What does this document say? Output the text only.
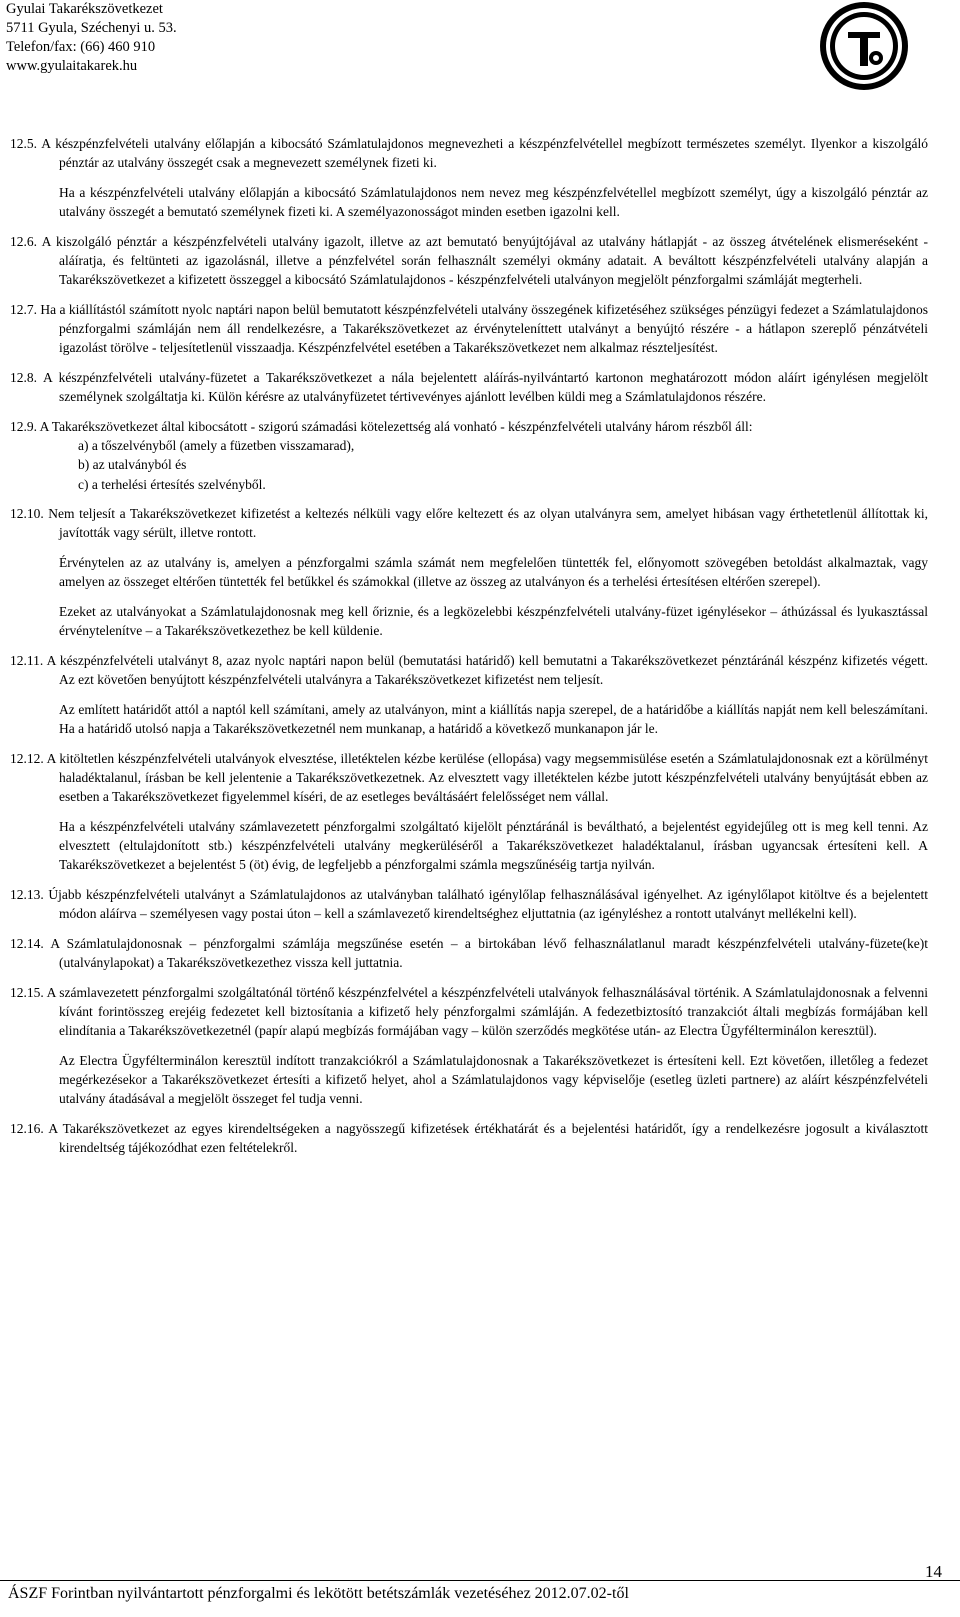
Gyulai Takarékszövetkezet
5711 Gyula, Széchenyi u. 53.
Telefon/fax: (66) 460 910
www.gyulaitakarek.hu

12.5. A készpénzfelvételi utalvány előlapján a kibocsátó Számlatulajdonos megnevezheti a készpénzfelvétellel megbízott természetes személyt. Ilyenkor a kiszolgáló pénztár az utalvány összegét csak a megnevezett személynek fizeti ki.

Ha a készpénzfelvételi utalvány előlapján a kibocsátó Számlatulajdonos nem nevez meg készpénzfelvétellel megbízott személyt, úgy a kiszolgáló pénztár az utalvány összegét a bemutató személynek fizeti ki. A személyazonosságot minden esetben igazolni kell.

12.6. A kiszolgáló pénztár a készpénzfelvételi utalvány igazolt, illetve az azt bemutató benyújtójával az utalvány hátlapját - az összeg átvételének elismeréseként - aláíratja, és feltünteti az igazolásnál, illetve a pénzfelvétel során felhasznált személyi okmány adatait. A beváltott készpénzfelvételi utalvány alapján a Takarékszövetkezet a kifizetett összeggel a kibocsátó Számlatulajdonos - készpénzfelvételi utalványon megjelölt pénzforgalmi számláját megterheli.

12.7. Ha a kiállítástól számított nyolc naptári napon belül bemutatott készpénzfelvételi utalvány összegének kifizetéséhez szükséges pénzügyi fedezet a Számlatulajdonos pénzforgalmi számláján nem áll rendelkezésre, a Takarékszövetkezet az érvényteleníttett utalványt a benyújtó részére - a hátlapon szereplő pénzátvételi igazolást törölve - teljesítetlenül visszaadja. Készpénzfelvétel esetében a Takarékszövetkezet nem alkalmaz részteljesítést.

12.8. A készpénzfelvételi utalvány-füzetet a Takarékszövetkezet a nála bejelentett aláírás-nyilvántartó kartonon meghatározott módon aláírt igénylésen megjelölt személynek szolgáltatja ki. Külön kérésre az utalványfüzetet tértivevényes ajánlott levélben küldi meg a Számlatulajdonos részére.

12.9. A Takarékszövetkezet által kibocsátott - szigorú számadási kötelezettség alá vonható - készpénzfelvételi utalvány három részből áll:

a) a tőszelvényből (amely a füzetben visszamarad),
b) az utalványból és
c) a terhelési értesítés szelvényből.

12.10. Nem teljesít a Takarékszövetkezet kifizetést a keltezés nélküli vagy előre keltezett és az olyan utalványra sem, amelyet hibásan vagy érthetetlenül állítottak ki, javították vagy sérült, illetve rontott.

Érvénytelen az az utalvány is, amelyen a pénzforgalmi számla számát nem megfelelően tüntették fel, előnyomott szövegében betoldást alkalmaztak, vagy amelyen az összeget eltérően tüntették fel betűkkel és számokkal (illetve az összeg az utalványon és a terhelési értesítésen eltérően szerepel).

Ezeket az utalványokat a Számlatulajdonosnak meg kell őriznie, és a legközelebbi készpénzfelvételi utalvány-füzet igénylésekor – áthúzással és lyukasztással érvénytelenítve – a Takarékszövetkezethez be kell küldenie.

12.11. A készpénzfelvételi utalványt 8, azaz nyolc naptári napon belül (bemutatási határidő) kell bemutatni a Takarékszövetkezet pénztáránál készpénz kifizetés végett. Az ezt követően benyújtott készpénzfelvételi utalványra a Takarékszövetkezet kifizetést nem teljesít.

Az említett határidőt attól a naptól kell számítani, amely az utalványon, mint a kiállítás napja szerepel, de a határidőbe a kiállítás napját nem kell beleszámítani. Ha a határidő utolsó napja a Takarékszövetkezetnél nem munkanap, a határidő a következő munkanapon jár le.

12.12. A kitöltetlen készpénzfelvételi utalványok elvesztése, illetéktelen kézbe kerülése (ellopása) vagy megsemmisülése esetén a Számlatulajdonosnak ezt a körülményt haladéktalanul, írásban be kell jelentenie a Takarékszövetkezetnek. Az elvesztett vagy illetéktelen kézbe jutott készpénzfelvételi utalvány benyújtását ebben az esetben a Takarékszövetkezet figyelemmel kíséri, de az esetleges beváltásáért felelősséget nem vállal.

Ha a készpénzfelvételi utalvány számlavezetett pénzforgalmi szolgáltató kijelölt pénztáránál is beváltható, a bejelentést egyidejűleg ott is meg kell tenni. Az elvesztett (eltulajdonított stb.) készpénzfelvételi utalvány megkerüléséről a Takarékszövetkezet haladéktalanul, írásban ugyancsak értesíteni kell. A Takarékszövetkezet a bejelentést 5 (öt) évig, de legfeljebb a pénzforgalmi számla megszűnéséig tartja nyilván.

12.13. Újabb készpénzfelvételi utalványt a Számlatulajdonos az utalványban található igénylőlap felhasználásával igényelhet. Az igénylőlapot kitöltve és a bejelentett módon aláírva – személyesen vagy postai úton – kell a számlavezető kirendeltséghez eljuttatnia (az igényléshez a rontott utalványt mellékelni kell).

12.14. A Számlatulajdonosnak – pénzforgalmi számlája megszűnése esetén – a birtokában lévő felhasználatlanul maradt készpénzfelvételi utalvány-füzete(ke)t (utalványlapokat) a Takarékszövetkezethez vissza kell juttatnia.

12.15. A számlavezetett pénzforgalmi szolgáltatónál történő készpénzfelvétel a készpénzfelvételi utalványok felhasználásával történik. A Számlatulajdonosnak a felvenni kívánt forintösszeg erejéig fedezetet kell biztosítania a kifizető hely pénzforgalmi számláján. A fedezetbiztosító tranzakciót általi megbízás formájában kell elindítania a Takarékszövetkezetnél (papír alapú megbízás formájában vagy – külön szerződés megkötése után- az Electra Ügyfélterminálon keresztül).

Az Electra Ügyfélterminálon keresztül indított tranzakciókról a Számlatulajdonosnak a Takarékszövetkezet is értesíteni kell. Ezt követően, illetőleg a fedezet megérkezésekor a Takarékszövetkezet értesíti a kifizető helyet, ahol a Számlatulajdonos vagy képviselője (esetleg üzleti partnere) az aláírt készpénzfelvételi utalvány átadásával a megjelölt összeget fel tudja venni.

12.16. A Takarékszövetkezet az egyes kirendeltségeken a nagyösszegű kifizetések értékhatárát és a bejelentési határidőt, így a rendelkezésre jogosult a kiválasztott kirendeltség tájékozódhat ezen feltételekről.

14
ÁSZF Forintban nyilvántartott pénzforgalmi és lekötött betétszámlák vezetéséhez 2012.07.02-től
